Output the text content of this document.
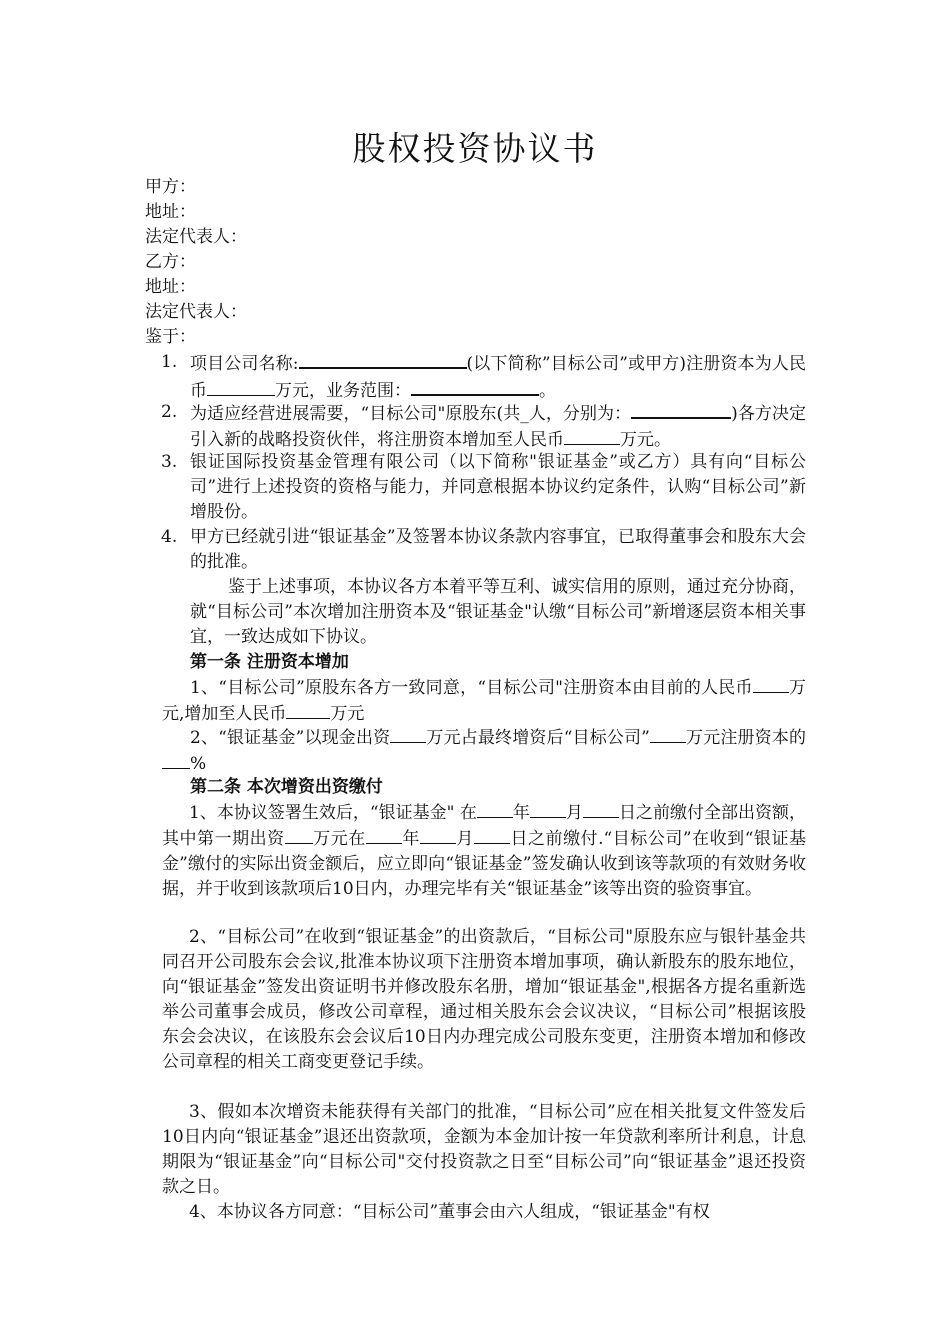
股权投资协议书
甲方：
地址：
法定代表人：
乙方：
地址：
法定代表人：
鉴于：
1. 项目公司名称:	(以下简称”目标公司”或甲方)注册资本为人民币	万元，业务范围：	。
2. 为适应经营进展需要，“目标公司"原股东(共_人，分别为：	)各方决定引入新的战略投资伙伴，将注册资本增加至人民币	万元。
3. 银证国际投资基金管理有限公司（以下简称"银证基金”或乙方）具有向“目标公司”进行上述投资的资格与能力，并同意根据本协议约定条件，认购“目标公司”新增股份。
4. 甲方已经就引进“银证基金”及签署本协议条款内容事宜，已取得董事会和股东大会的批准。
鉴于上述事项，本协议各方本着平等互利、诚实信用的原则，通过充分协商，就“目标公司”本次增加注册资本及“银证基金"认缴“目标公司”新增逐层资本相关事宜，一致达成如下协议。
第一条 注册资本增加
1、“目标公司”原股东各方一致同意，“目标公司"注册资本由目前的人民币 万元,增加至人民币	万元
2、“银证基金”以现金出资 万元占最终增资后“目标公司” 万元注册资本的%
第二条 本次增资出资缴付
1、本协议签署生效后，“银证基金" 在 年 月 日之前缴付全部出资额，其中第一期出资 万元在 年 月 日之前缴付.“目标公司”在收到“银证基金”缴付的实际出资金额后，应立即向“银证基金”签发确认收到该等款项的有效财务收据，并于收到该款项后10日内，办理完毕有关“银证基金”该等出资的验资事宜。
2、“目标公司”在收到“银证基金”的出资款后，“目标公司"原股东应与银针基金共同召开公司股东会会议,批准本协议项下注册资本增加事项，确认新股东的股东地位，向“银证基金”签发出资证明书并修改股东名册，增加“银证基金",根据各方提名重新选举公司董事会成员，修改公司章程，通过相关股东会会议决议，“目标公司”根据该股东会会决议，在该股东会会议后10日内办理完成公司股东变更，注册资本增加和修改公司章程的相关工商变更登记手续。
3、假如本次增资未能获得有关部门的批准，“目标公司”应在相关批复文件签发后10日内向“银证基金”退还出资款项，金额为本金加计按一年贷款利率所计利息，计息期限为“银证基金”向“目标公司"交付投资款之日至“目标公司”向“银证基金”退还投资款之日。
4、本协议各方同意：“目标公司”董事会由六人组成，“银证基金"有权
